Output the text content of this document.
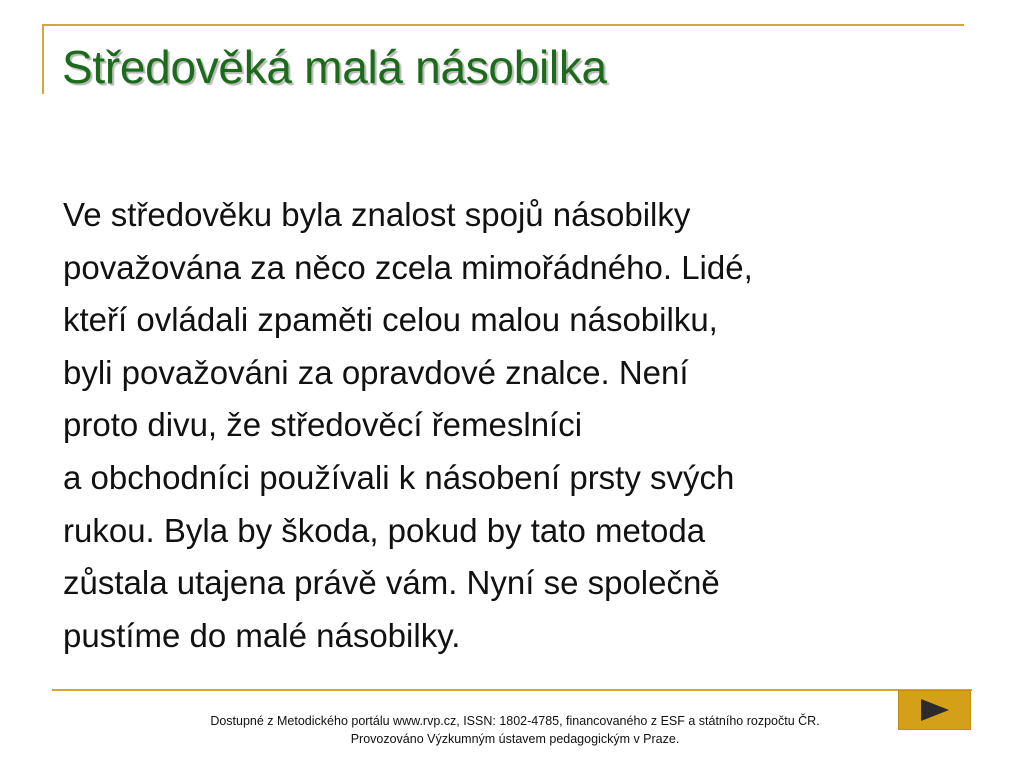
Středověká malá násobilka
Ve středověku byla znalost spojů násobilky
považována za něco zcela mimořádného. Lidé,
kteří ovládali zpaměti celou malou násobilku,
byli považováni za opravdové znalce. Není
proto divu, že středověcí řemeslníci
a obchodníci používali k násobení prsty svých
rukou. Byla by škoda, pokud by tato metoda
zůstala utajena právě vám. Nyní se společně
pustíme do malé násobilky.
Dostupné z Metodického portálu www.rvp.cz, ISSN: 1802-4785, financovaného z ESF a státního rozpočtu ČR.
Provozováno Výzkumným ústavem pedagogickým v Praze.
